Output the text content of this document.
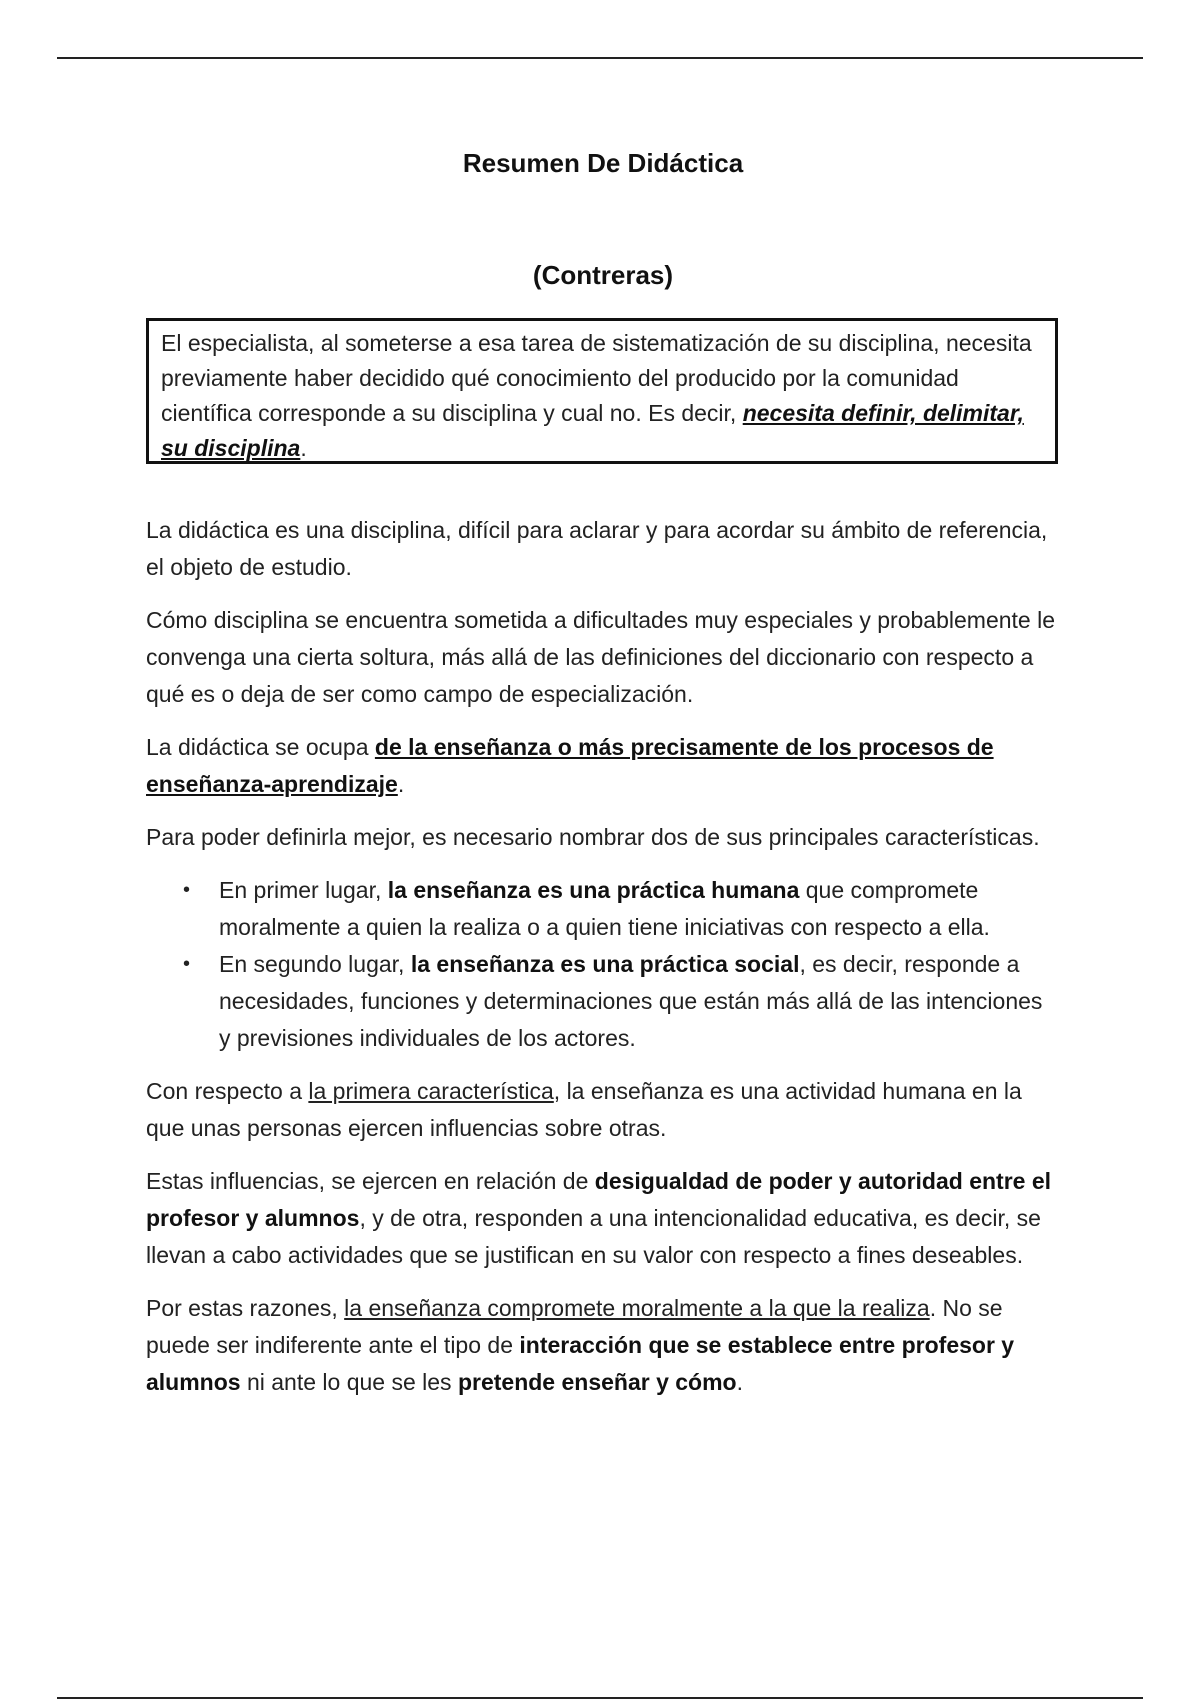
Resumen De Didáctica
(Contreras)
El especialista, al someterse a esa tarea de sistematización de su disciplina, necesita previamente haber decidido qué conocimiento del producido por la comunidad científica corresponde a su disciplina y cual no. Es decir, necesita definir, delimitar, su disciplina.

La didáctica es una disciplina, difícil para aclarar y para acordar su ámbito de referencia, el objeto de estudio.

Cómo disciplina se encuentra sometida a dificultades muy especiales y probablemente le convenga una cierta soltura, más allá de las definiciones del diccionario con respecto a qué es o deja de ser como campo de especialización.

La didáctica se ocupa de la enseñanza o más precisamente de los procesos de enseñanza-aprendizaje.

Para poder definirla mejor, es necesario nombrar dos de sus principales características.

• En primer lugar, la enseñanza es una práctica humana que compromete moralmente a quien la realiza o a quien tiene iniciativas con respecto a ella.
• En segundo lugar, la enseñanza es una práctica social, es decir, responde a necesidades, funciones y determinaciones que están más allá de las intenciones y previsiones individuales de los actores.

Con respecto a la primera característica, la enseñanza es una actividad humana en la que unas personas ejercen influencias sobre otras.

Estas influencias, se ejercen en relación de desigualdad de poder y autoridad entre el profesor y alumnos, y de otra, responden a una intencionalidad educativa, es decir, se llevan a cabo actividades que se justifican en su valor con respecto a fines deseables.

Por estas razones, la enseñanza compromete moralmente a la que la realiza. No se puede ser indiferente ante el tipo de interacción que se establece entre profesor y alumnos ni ante lo que se les pretende enseñar y cómo.
